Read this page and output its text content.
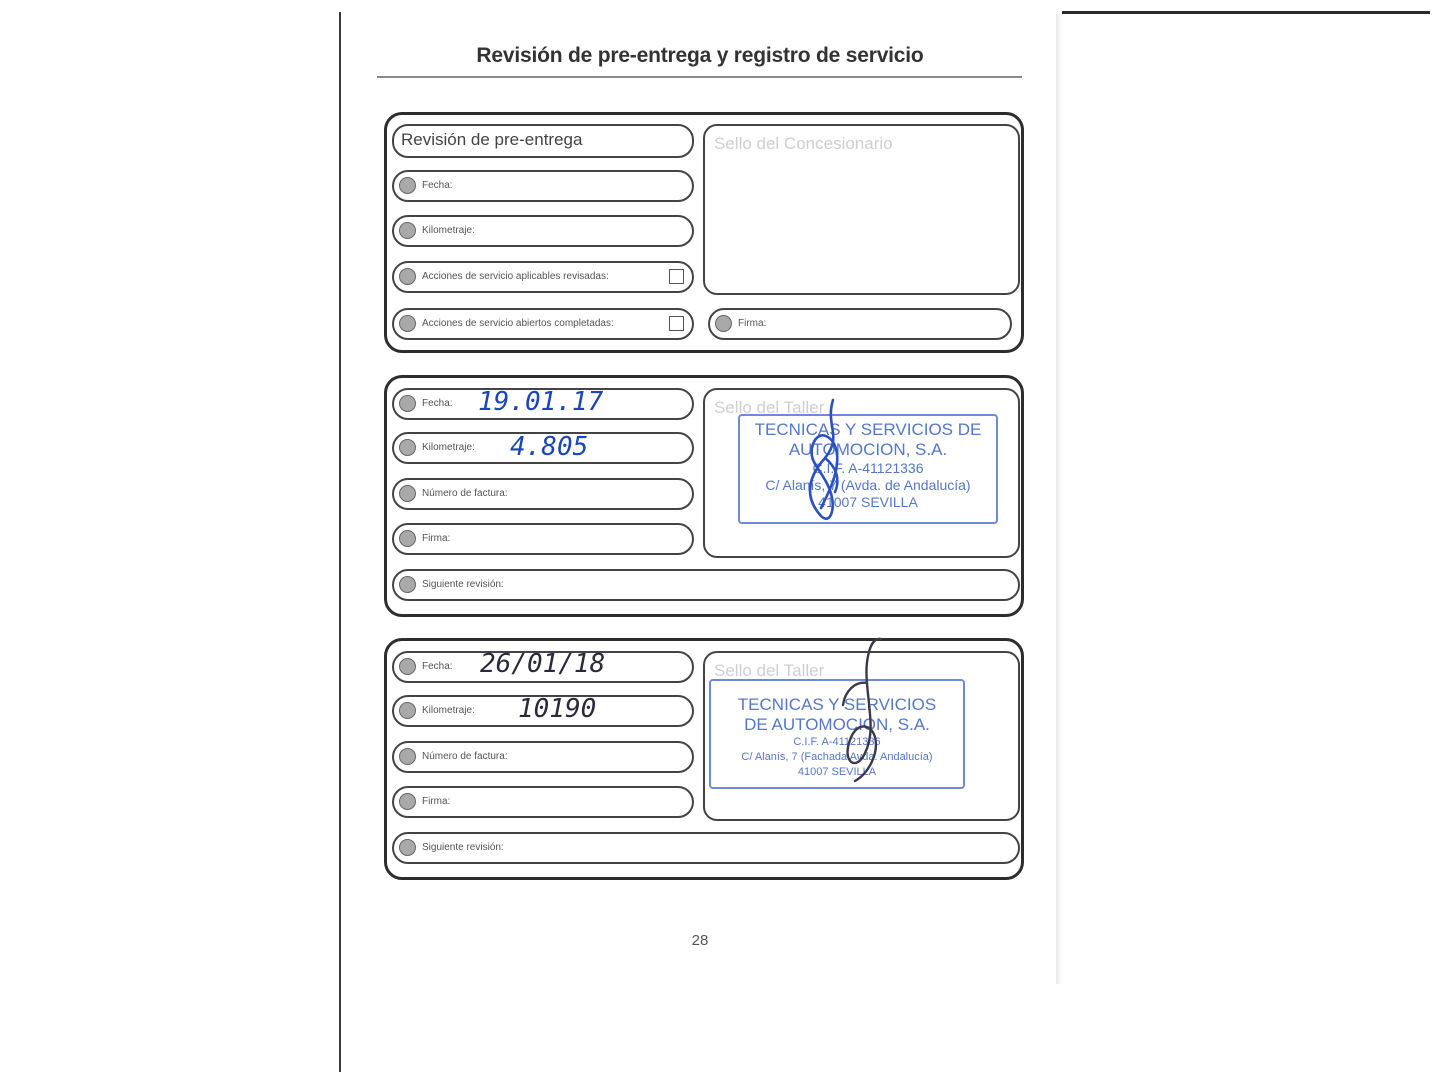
Revisión de pre-entrega y registro de servicio
Revisión de pre-entrega
Fecha:
Kilometraje:
Acciones de servicio aplicables revisadas:
Acciones de servicio abiertos completadas:
Sello del Concesionario
Firma:
Fecha: 19.01.17
Kilometraje: 4.805
Número de factura:
Firma:
Sello del Taller
TECNICAS Y SERVICIOS DE
AUTOMOCION, S.A.
C.I.F. A-41121336
C/ Alanís, 7 (Avda. de Andalucía)
41007 SEVILLA
Siguiente revisión:
Fecha: 26/01/18
Kilometraje: 10190
Número de factura:
Firma:
Sello del Taller
TECNICAS Y SERVICIOS
DE AUTOMOCION, S.A.
C.I.F. A-41121336
C/ Alanís, 7 (Fachada Avda. Andalucía)
41007 SEVILLA
Siguiente revisión:
28
